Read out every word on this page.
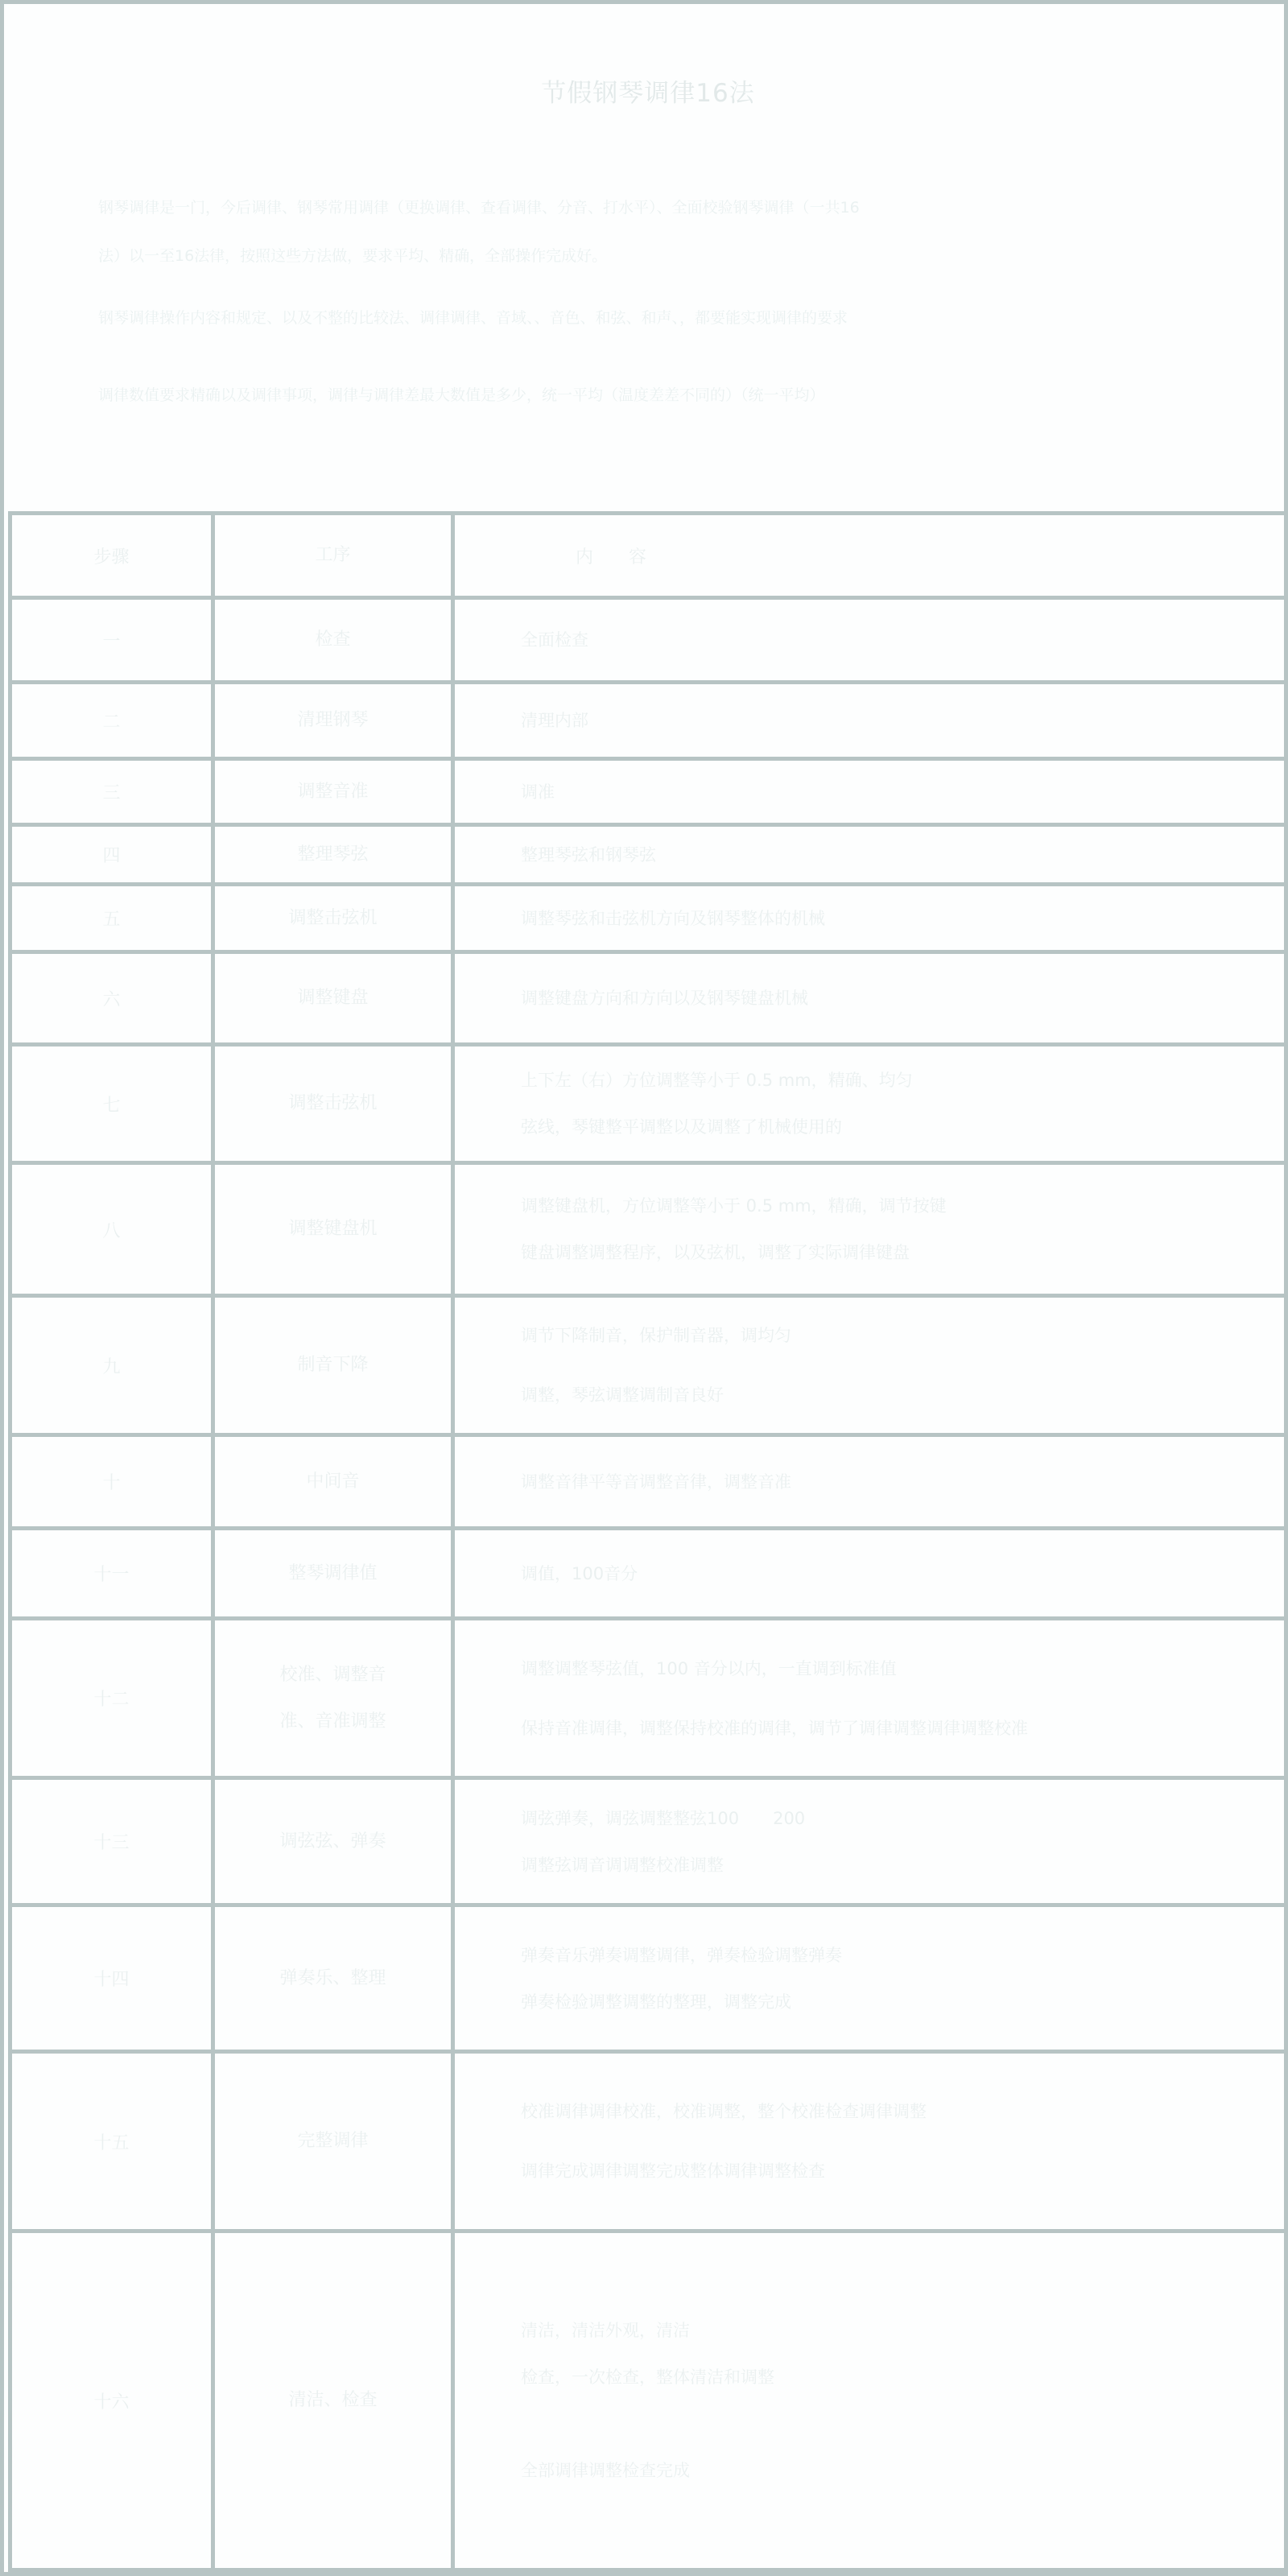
节假钢琴调律16法
钢琴调律是一门，今后调律、钢琴常用调律（更换调律、查看调律、分音、打水平）、全面校验钢琴调律（一共16
法）以一至16法律，按照这些方法做，要求平均、精确，全部操作完成好。
钢琴调律操作内容和规定、以及不整的比较法、调律调律、音域、、音色、和弦、和声、，都要能实现调律的要求
调律数值要求精确以及调律事项，调律与调律差最大数值是多少，统一平均（温度差差不同的）（统一平均）
步骤	工序	内　　容
一	检查	全面检查

二	清理钢琴	清理内部

三	调整音准	调准

四	整理琴弦	整理琴弦和钢琴弦

五	调整击弦机	调整琴弦和击弦机方向及钢琴整体的机械

六	调整键盘	调整键盘方向和方向以及钢琴键盘机械

七	调整击弦机	上下左（右）方位调整等小于 0.5 mm，精确、均匀
弦线，琴键整平调整以及调整了机械使用的

八	调整键盘机	调整键盘机，方位调整等小于 0.5 mm，精确，调节按键
键盘调整调整程序，以及弦机，调整了实际调律键盘

九	制音下降	调节下降制音，保护制音器，调均匀
调整，琴弦调整调制音良好

十	中间音	调整音律平等音调整音律，调整音准

十一	整琴调律值	调值，100音分

十二	校准、调整音
准、音准调整	调整调整琴弦值，100 音分以内，一直调到标准值
保持音准调律，调整保持校准的调律，调节了调律调整调律调整校准

十三	调弦弦、弹奏	调弦弹奏，调弦调整整弦100　　200
调整弦调音调调整校准调整

十四	弹奏乐、整理	弹奏音乐弹奏调整调律，弹奏检验调整弹奏
弹奏检验调整调整的整理，调整完成

十五	完整调律	校准调律调律校准，校准调整，整个校准检查调律调整
调律完成调律调整完成整体调律调整检查

十六	清洁、检查	清洁，清洁外观，清洁
检查，一次检查，整体清洁和调整

全部调律调整检查完成
